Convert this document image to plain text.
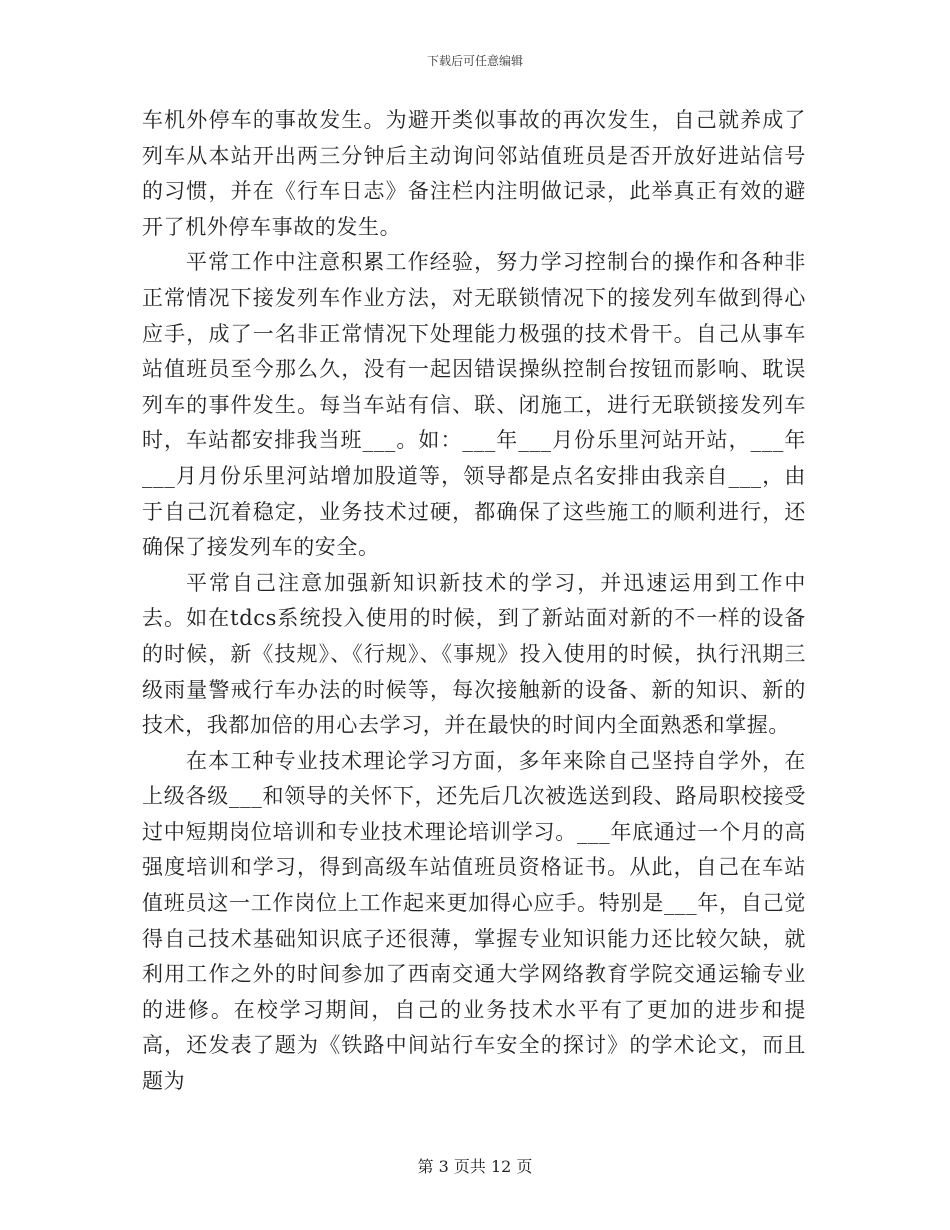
下载后可任意编辑

车机外停车的事故发生。为避开类似事故的再次发生，自己就养成了列车从本站开出两三分钟后主动询问邻站值班员是否开放好进站信号的习惯，并在《行车日志》备注栏内注明做记录，此举真正有效的避开了机外停车事故的发生。

平常工作中注意积累工作经验，努力学习控制台的操作和各种非正常情况下接发列车作业方法，对无联锁情况下的接发列车做到得心应手，成了一名非正常情况下处理能力极强的技术骨干。自己从事车站值班员至今那么久，没有一起因错误操纵控制台按钮而影响、耽误列车的事件发生。每当车站有信、联、闭施工，进行无联锁接发列车时，车站都安排我当班___。如：___年___月份乐里河站开站，___年___月月份乐里河站增加股道等，领导都是点名安排由我亲自___，由于自己沉着稳定，业务技术过硬，都确保了这些施工的顺利进行，还确保了接发列车的安全。

平常自己注意加强新知识新技术的学习，并迅速运用到工作中去。如在tdcs系统投入使用的时候，到了新站面对新的不一样的设备的时候，新《技规》、《行规》、《事规》投入使用的时候，执行汛期三级雨量警戒行车办法的时候等，每次接触新的设备、新的知识、新的技术，我都加倍的用心去学习，并在最快的时间内全面熟悉和掌握。

在本工种专业技术理论学习方面，多年来除自己坚持自学外，在上级各级___和领导的关怀下，还先后几次被选送到段、路局职校接受过中短期岗位培训和专业技术理论培训学习。___年底通过一个月的高强度培训和学习，得到高级车站值班员资格证书。从此，自己在车站值班员这一工作岗位上工作起来更加得心应手。特别是___年，自己觉得自己技术基础知识底子还很薄，掌握专业知识能力还比较欠缺，就利用工作之外的时间参加了西南交通大学网络教育学院交通运输专业的进修。在校学习期间，自己的业务技术水平有了更加的进步和提高，还发表了题为《铁路中间站行车安全的探讨》的学术论文，而且题为

第 3 页共 12 页
